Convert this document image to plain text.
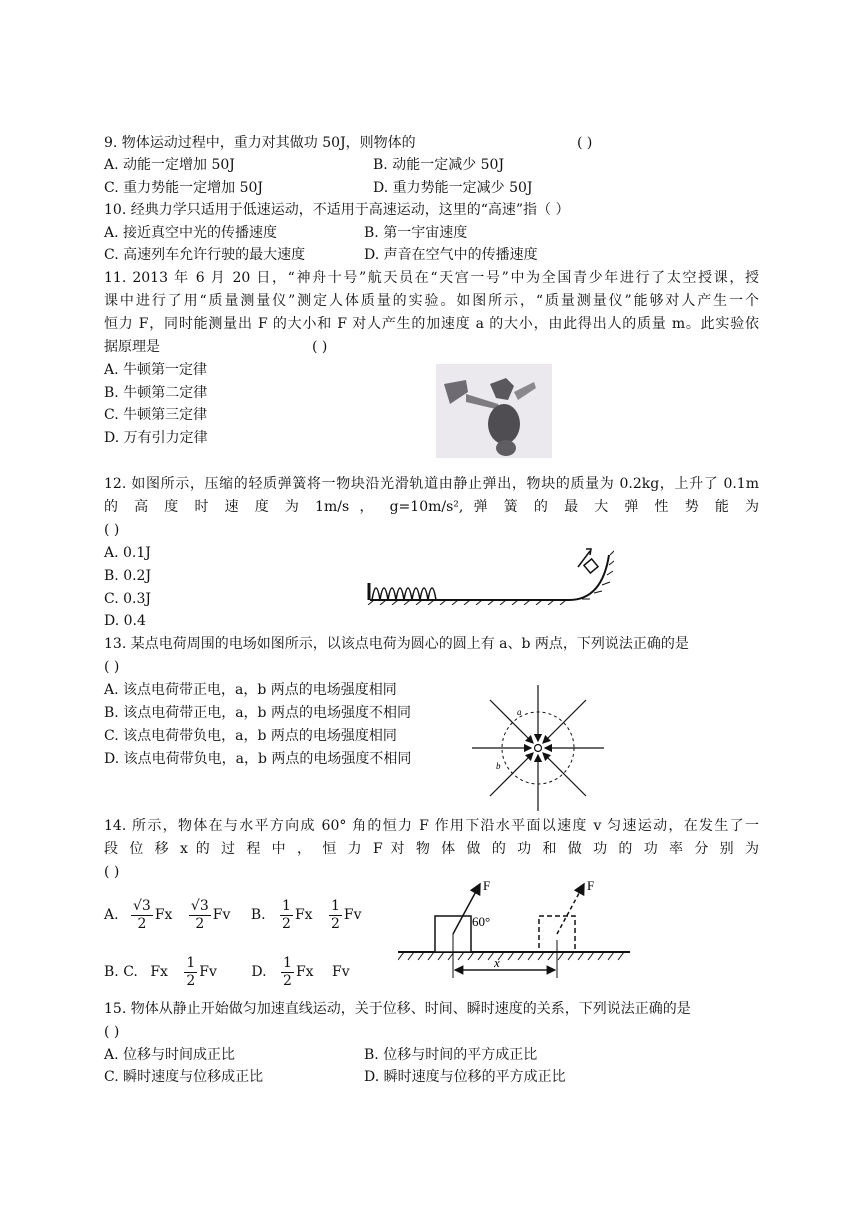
9. 物体运动过程中，重力对其做功 50J，则物体的	( )
A. 动能一定增加 50J	B. 动能一定减少 50J
C. 重力势能一定增加 50J	D. 重力势能一定减少 50J
10. 经典力学只适用于低速运动，不适用于高速运动，这里的“高速”指（ ）
A. 接近真空中光的传播速度	B. 第一宇宙速度
C. 高速列车允许行驶的最大速度	D. 声音在空气中的传播速度
11. 2013 年 6 月 20 日，“神舟十号”航天员在“天宫一号”中为全国青少年进行了太空授课，授
课中进行了用“质量测量仪”测定人体质量的实验。如图所示，“质量测量仪”能够对人产生一个
恒力 F，同时能测量出 F 的大小和 F 对人产生的加速度 a 的大小，由此得出人的质量 m。此实验依
据原理是	( )
A. 牛顿第一定律
B. 牛顿第二定律
C. 牛顿第三定律
D. 万有引力定律
12. 如图所示，压缩的轻质弹簧将一物块沿光滑轨道由静止弹出，物块的质量为 0.2kg，上升了 0.1m
的 高 度 时 速 度 为 1m/s ， g=10m/s², 弹 簧 的 最 大 弹 性 势 能 为
( )
A. 0.1J
B. 0.2J
C. 0.3J
D. 0.4
13. 某点电荷周围的电场如图所示，以该点电荷为圆心的圆上有 a、b 两点，下列说法正确的是
( )
A. 该点电荷带正电，a，b 两点的电场强度相同
B. 该点电荷带正电，a，b 两点的电场强度不相同
C. 该点电荷带负电，a，b 两点的电场强度相同
D. 该点电荷带负电，a，b 两点的电场强度不相同
a
b
14. 所示，物体在与水平方向成 60° 角的恒力 F 作用下沿水平面以速度 v 匀速运动，在发生了一
段 位 移 x 的 过 程 中 ， 恒 力 F 对 物 体 做 的 功 和 做 功 的 功 率 分 别 为
( )
A. $\frac{√3}{2}$ Fx $\frac{√3}{2}$ Fv B. $\frac{1}{2}$ Fx $\frac{1}{2}$ Fv
B. C. Fx $\frac{1}{2}$ Fv D. $\frac{1}{2}$ Fx Fv
F
60°
F
x
15. 物体从静止开始做匀加速直线运动，关于位移、时间、瞬时速度的关系，下列说法正确的是
( )
A. 位移与时间成正比	B. 位移与时间的平方成正比
C. 瞬时速度与位移成正比	D. 瞬时速度与位移的平方成正比
